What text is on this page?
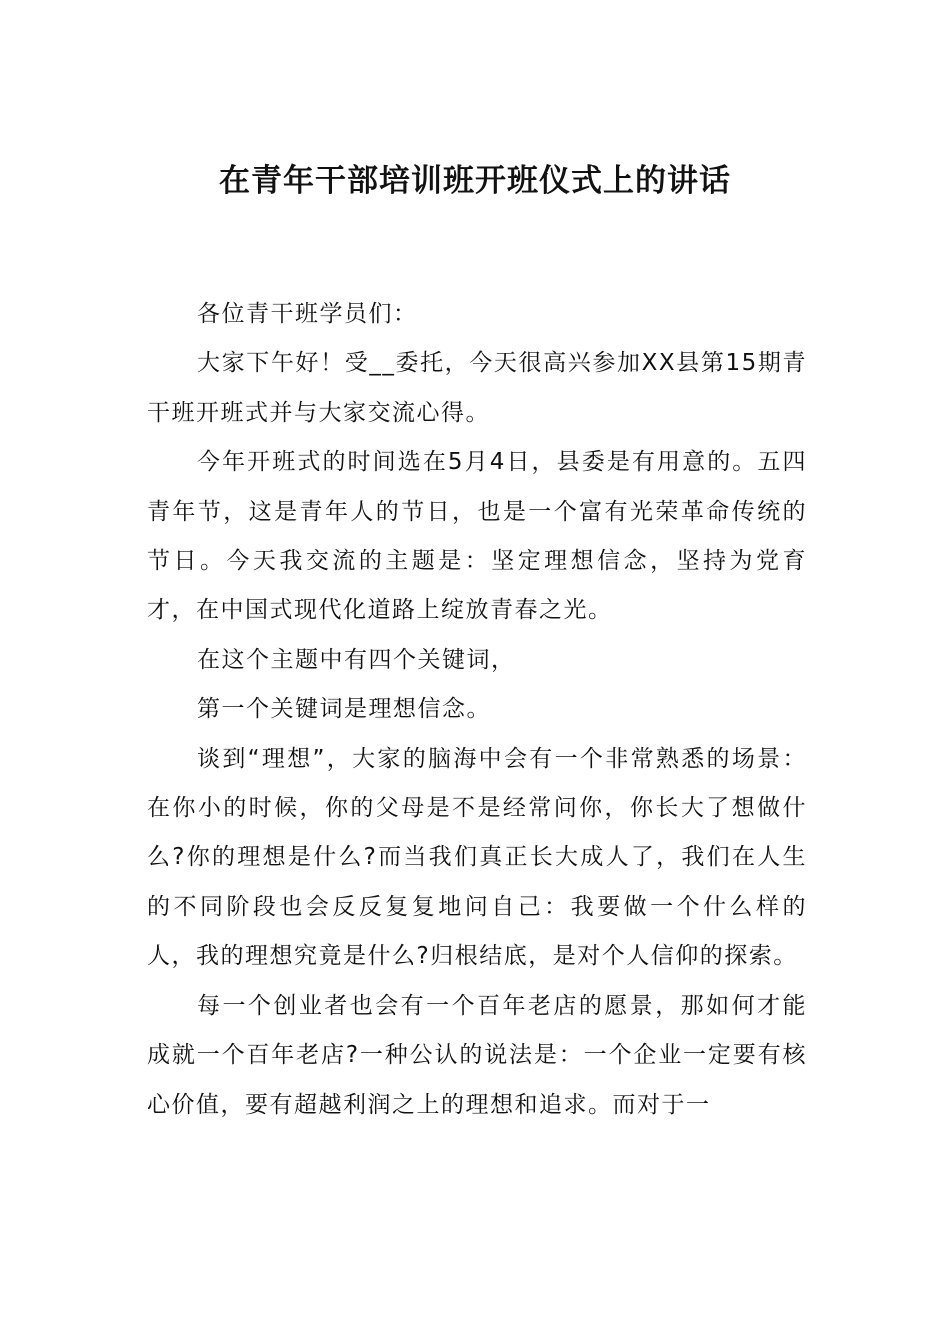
在青年干部培训班开班仪式上的讲话

各位青干班学员们：

大家下午好！受__委托，今天很高兴参加XX县第15期青干班开班式并与大家交流心得。

今年开班式的时间选在5月4日，县委是有用意的。五四青年节，这是青年人的节日，也是一个富有光荣革命传统的节日。今天我交流的主题是：坚定理想信念，坚持为党育才，在中国式现代化道路上绽放青春之光。

在这个主题中有四个关键词，

第一个关键词是理想信念。

谈到“理想”，大家的脑海中会有一个非常熟悉的场景：在你小的时候，你的父母是不是经常问你，你长大了想做什么?你的理想是什么?而当我们真正长大成人了，我们在人生的不同阶段也会反反复复地问自己：我要做一个什么样的人，我的理想究竟是什么?归根结底，是对个人信仰的探索。

每一个创业者也会有一个百年老店的愿景，那如何才能成就一个百年老店?一种公认的说法是：一个企业一定要有核心价值，要有超越利润之上的理想和追求。而对于一
